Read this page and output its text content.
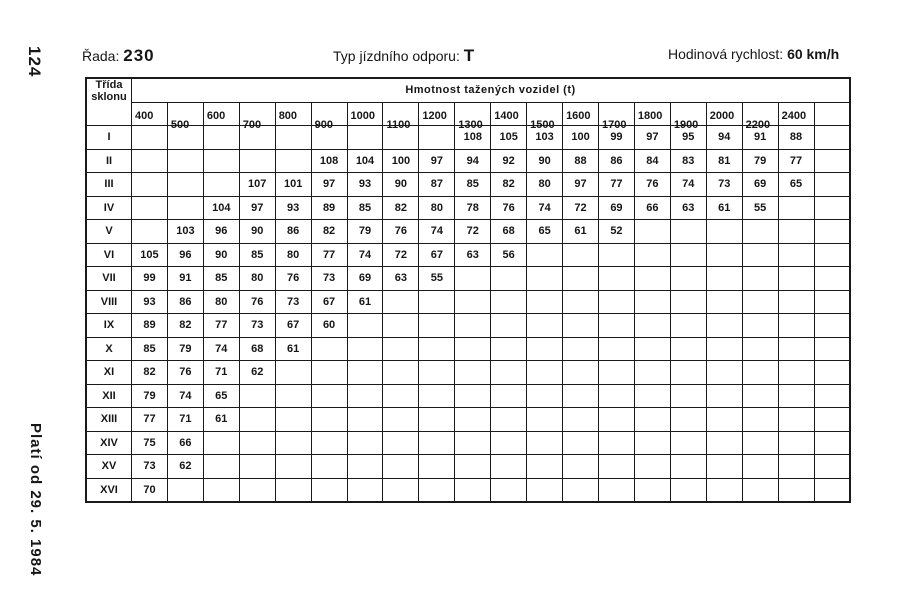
124
Platí od 29. 5. 1984
Řada: 230	Typ jízdního odporu: T	Hodinová rychlost: 60 km/h
Třída
sklonu	Hmotnost tažených vozidel (t)																			

	400	500	600	700	800	900	1000	1100	1200	1300	1400	1500	1600	1700	1800	1900	2000	2200	2400	

I										108	105	103	100	99	97	95	94	91	88	
II						108	104	100	97	94	92	90	88	86	84	83	81	79	77	
III				107	101	97	93	90	87	85	82	80	97	77	76	74	73	69	65	
IV			104	97	93	89	85	82	80	78	76	74	72	69	66	63	61	55		
V		103	96	90	86	82	79	76	74	72	68	65	61	52						
VI	105	96	90	85	80	77	74	72	67	63	56									
VII	99	91	85	80	76	73	69	63	55											
VIII	93	86	80	76	73	67	61													
IX	89	82	77	73	67	60														
X	85	79	74	68	61															
XI	82	76	71	62																
XII	79	74	65																	
XIII	77	71	61																	
XIV	75	66																		
XV	73	62																		
XVI	70																			
